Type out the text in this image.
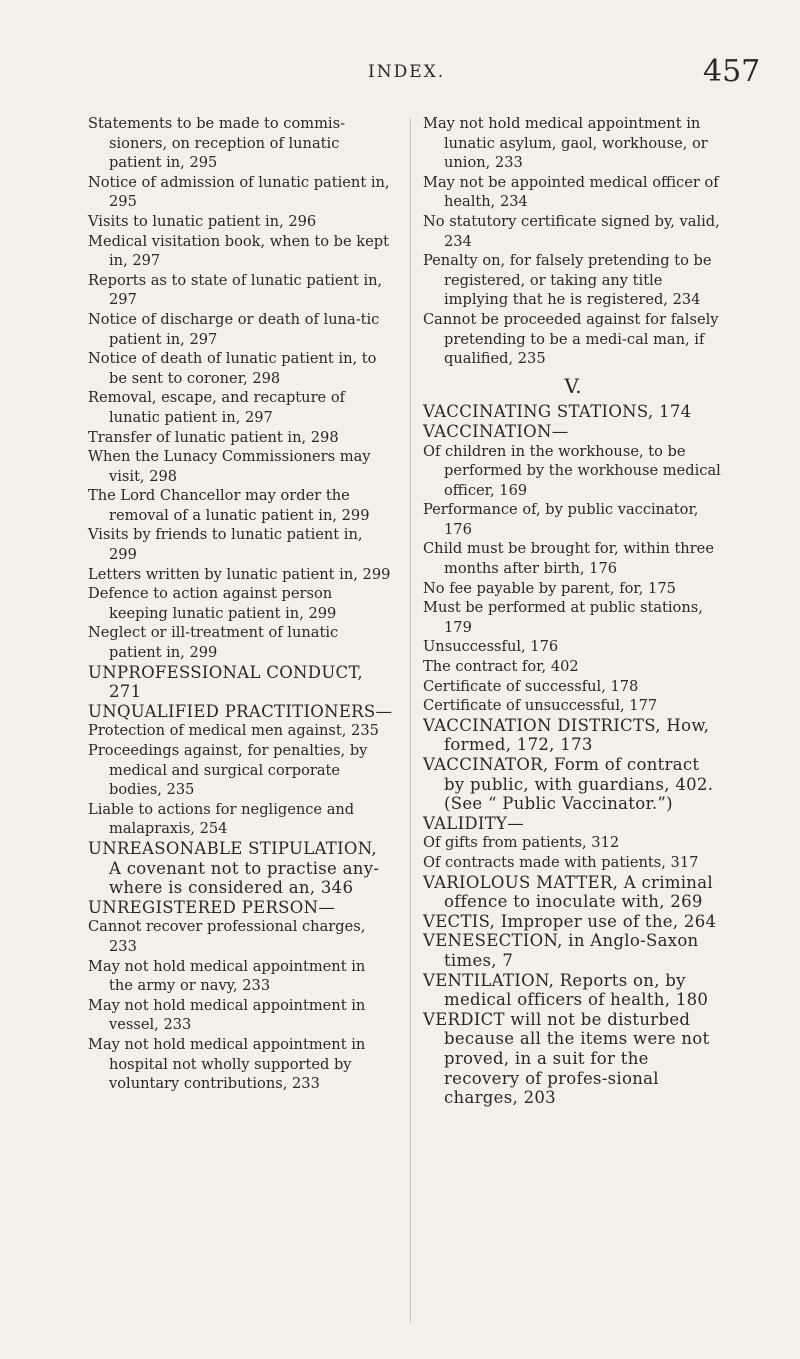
INDEX.	457
Statements to be made to commis-sioners, on reception of lunatic patient in, 295
Notice of admission of lunatic patient in, 295
Visits to lunatic patient in, 296
Medical visitation book, when to be kept in, 297
Reports as to state of lunatic patient in, 297
Notice of discharge or death of luna-tic patient in, 297
Notice of death of lunatic patient in, to be sent to coroner, 298
Removal, escape, and recapture of lunatic patient in, 297
Transfer of lunatic patient in, 298
When the Lunacy Commissioners may visit, 298
The Lord Chancellor may order the removal of a lunatic patient in, 299
Visits by friends to lunatic patient in, 299
Letters written by lunatic patient in, 299
Defence to action against person keeping lunatic patient in, 299
Neglect or ill-treatment of lunatic patient in, 299
UNPROFESSIONAL CONDUCT, 271
UNQUALIFIED PRACTITIONERS—
Protection of medical men against, 235
Proceedings against, for penalties, by medical and surgical corporate bodies, 235
Liable to actions for negligence and malapraxis, 254
UNREASONABLE STIPULATION, A covenant not to practise any-where is considered an, 346
UNREGISTERED PERSON—
Cannot recover professional charges, 233
May not hold medical appointment in the army or navy, 233
May not hold medical appointment in vessel, 233
May not hold medical appointment in hospital not wholly supported by voluntary contributions, 233
May not hold medical appointment in lunatic asylum, gaol, workhouse, or union, 233
May not be appointed medical officer of health, 234
No statutory certificate signed by, valid, 234
Penalty on, for falsely pretending to be registered, or taking any title implying that he is registered, 234
Cannot be proceeded against for falsely pretending to be a medi-cal man, if qualified, 235
V.
VACCINATING STATIONS, 174
VACCINATION—
Of children in the workhouse, to be performed by the workhouse medical officer, 169
Performance of, by public vaccinator, 176
Child must be brought for, within three months after birth, 176
No fee payable by parent, for, 175
Must be performed at public stations, 179
Unsuccessful, 176
The contract for, 402
Certificate of successful, 178
Certificate of unsuccessful, 177
VACCINATION DISTRICTS, How, formed, 172, 173
VACCINATOR, Form of contract by public, with guardians, 402. (See “ Public Vaccinator.”)
VALIDITY—
Of gifts from patients, 312
Of contracts made with patients, 317
VARIOLOUS MATTER, A criminal offence to inoculate with, 269
VECTIS, Improper use of the, 264
VENESECTION, in Anglo-Saxon times, 7
VENTILATION, Reports on, by medical officers of health, 180
VERDICT will not be disturbed because all the items were not proved, in a suit for the recovery of profes-sional charges, 203
